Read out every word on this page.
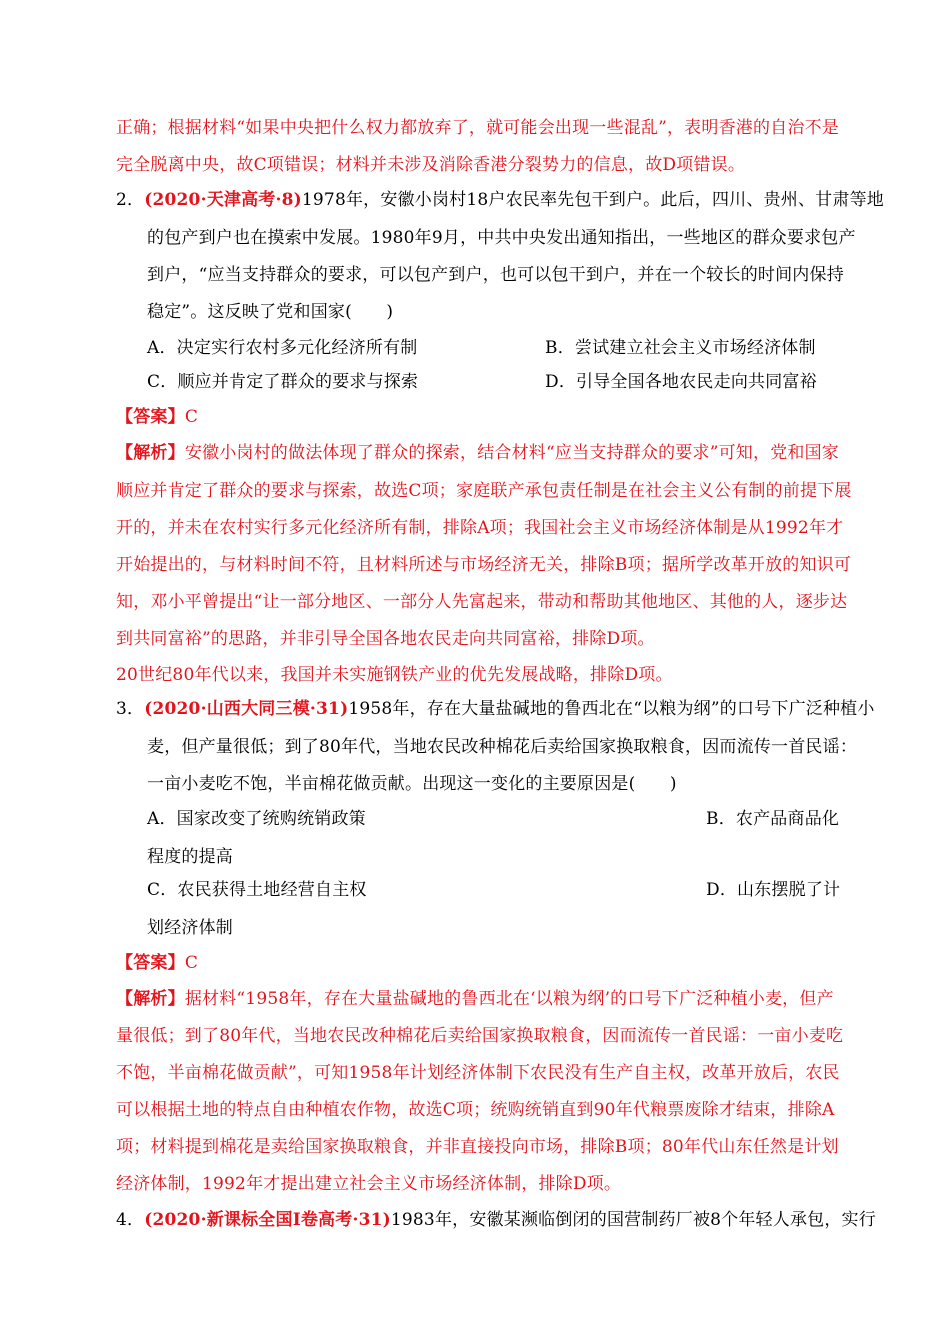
正确；根据材料“如果中央把什么权力都放弃了，就可能会出现一些混乱”，表明香港的自治不是
完全脱离中央，故C项错误；材料并未涉及消除香港分裂势力的信息，故D项错误。
2．(2020·天津高考·8)1978年，安徽小岗村18户农民率先包干到户。此后，四川、贵州、甘肃等地
的包产到户也在摸索中发展。1980年9月，中共中央发出通知指出，一些地区的群众要求包产
到户，“应当支持群众的要求，可以包产到户，也可以包干到户，并在一个较长的时间内保持
稳定”。这反映了党和国家(　　)
A．决定实行农村多元化经济所有制	B．尝试建立社会主义市场经济体制
C．顺应并肯定了群众的要求与探索	D．引导全国各地农民走向共同富裕
【答案】C
【解析】安徽小岗村的做法体现了群众的探索，结合材料“应当支持群众的要求”可知，党和国家
顺应并肯定了群众的要求与探索，故选C项；家庭联产承包责任制是在社会主义公有制的前提下展
开的，并未在农村实行多元化经济所有制，排除A项；我国社会主义市场经济体制是从1992年才
开始提出的，与材料时间不符，且材料所述与市场经济无关，排除B项；据所学改革开放的知识可
知，邓小平曾提出“让一部分地区、一部分人先富起来，带动和帮助其他地区、其他的人，逐步达
到共同富裕”的思路，并非引导全国各地农民走向共同富裕，排除D项。
20世纪80年代以来，我国并未实施钢铁产业的优先发展战略，排除D项。
3．(2020·山西大同三模·31)1958年，存在大量盐碱地的鲁西北在“以粮为纲”的口号下广泛种植小
麦，但产量很低；到了80年代，当地农民改种棉花后卖给国家换取粮食，因而流传一首民谣：
一亩小麦吃不饱，半亩棉花做贡献。出现这一变化的主要原因是(　　)
A．国家改变了统购统销政策	B．农产品商品化
程度的提高
C．农民获得土地经营自主权	D．山东摆脱了计
划经济体制
【答案】C
【解析】据材料“1958年，存在大量盐碱地的鲁西北在‘以粮为纲’的口号下广泛种植小麦，但产
量很低；到了80年代，当地农民改种棉花后卖给国家换取粮食，因而流传一首民谣：一亩小麦吃
不饱，半亩棉花做贡献”，可知1958年计划经济体制下农民没有生产自主权，改革开放后，农民
可以根据土地的特点自由种植农作物，故选C项；统购统销直到90年代粮票废除才结束，排除A
项；材料提到棉花是卖给国家换取粮食，并非直接投向市场，排除B项；80年代山东任然是计划
经济体制，1992年才提出建立社会主义市场经济体制，排除D项。
4．(2020·新课标全国Ⅰ卷高考·31)1983年，安徽某濒临倒闭的国营制药厂被8个年轻人承包，实行
